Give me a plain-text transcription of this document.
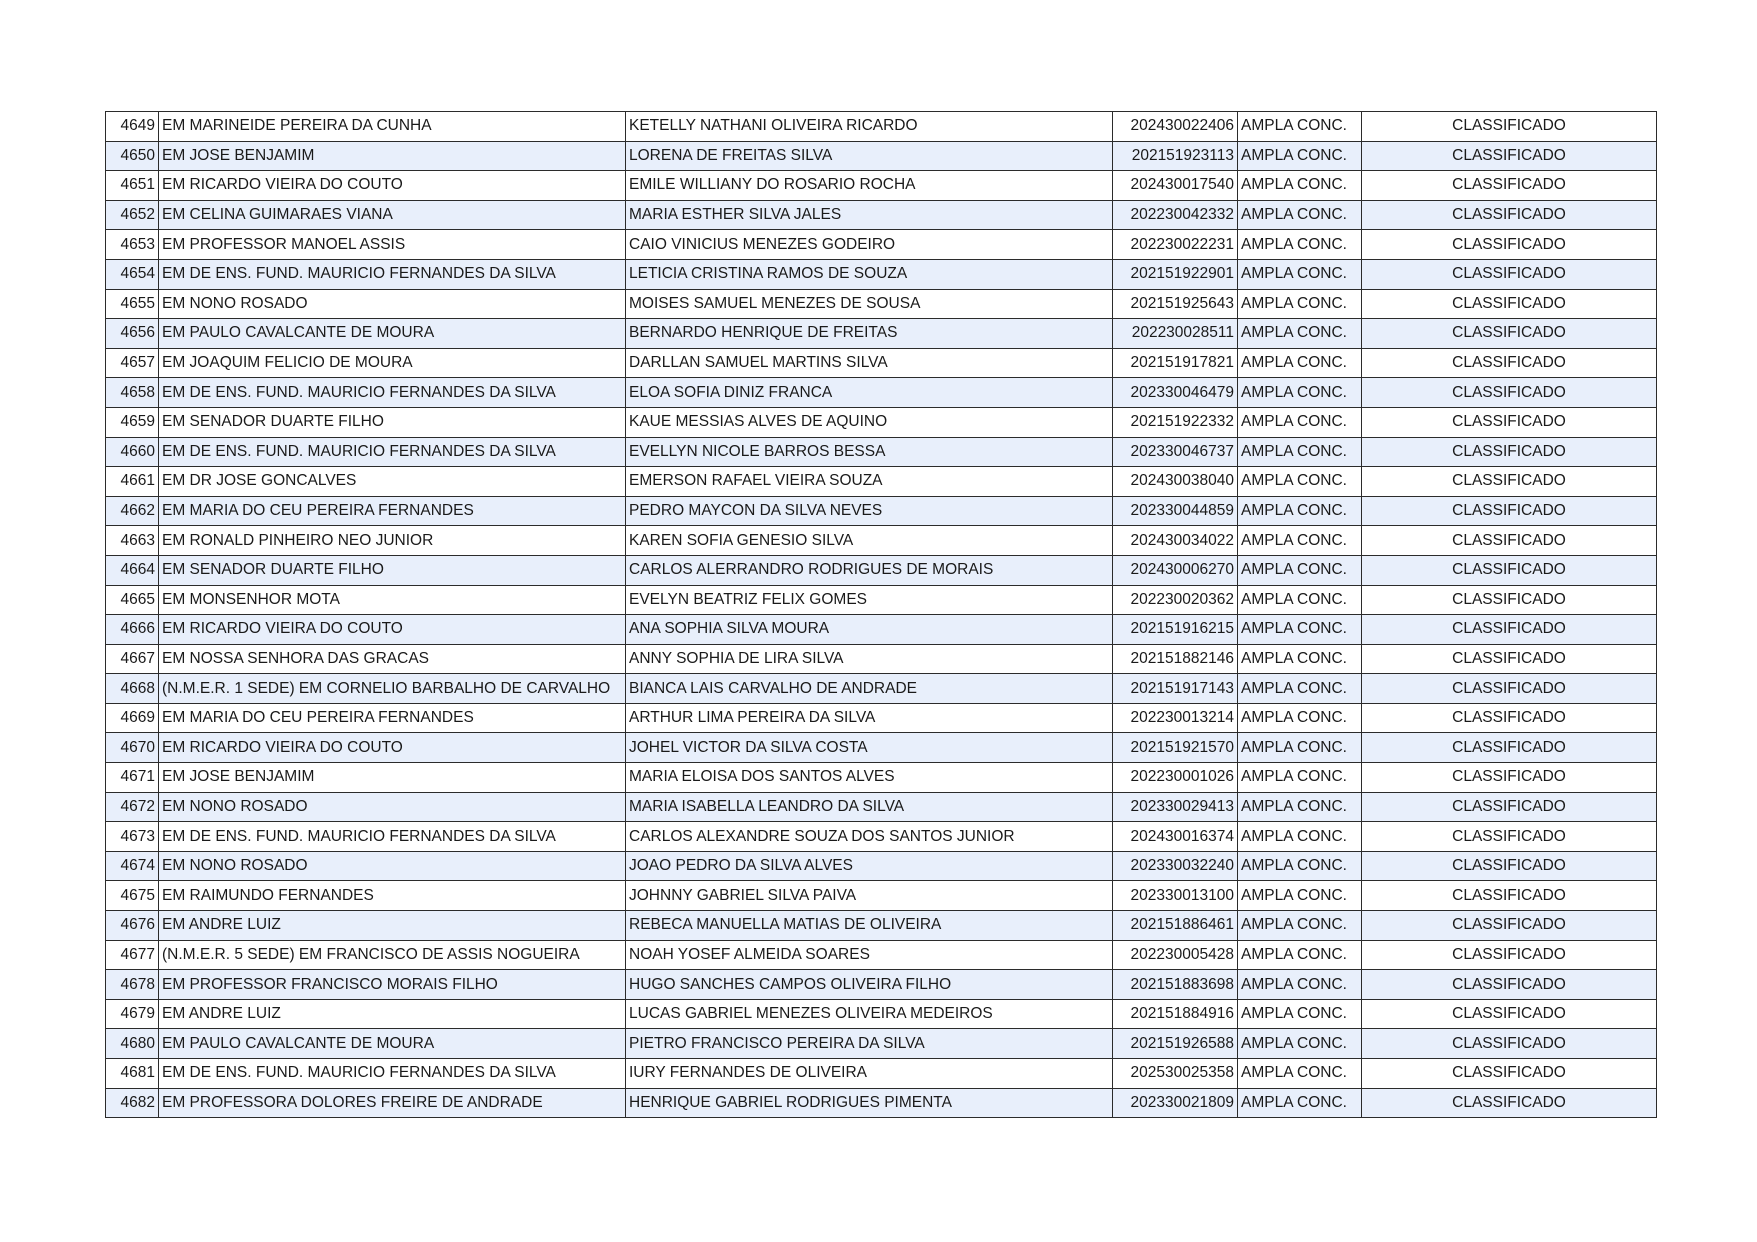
4649	EM MARINEIDE PEREIRA DA CUNHA	KETELLY NATHANI OLIVEIRA RICARDO	202430022406	AMPLA CONC.	CLASSIFICADO
4650	EM JOSE BENJAMIM	LORENA DE FREITAS SILVA	202151923113	AMPLA CONC.	CLASSIFICADO
4651	EM RICARDO VIEIRA DO COUTO	EMILE WILLIANY DO ROSARIO ROCHA	202430017540	AMPLA CONC.	CLASSIFICADO
4652	EM CELINA GUIMARAES VIANA	MARIA ESTHER SILVA JALES	202230042332	AMPLA CONC.	CLASSIFICADO
4653	EM PROFESSOR MANOEL ASSIS	CAIO VINICIUS MENEZES GODEIRO	202230022231	AMPLA CONC.	CLASSIFICADO
4654	EM DE ENS. FUND. MAURICIO FERNANDES DA SILVA	LETICIA CRISTINA RAMOS DE SOUZA	202151922901	AMPLA CONC.	CLASSIFICADO
4655	EM NONO ROSADO	MOISES SAMUEL MENEZES DE SOUSA	202151925643	AMPLA CONC.	CLASSIFICADO
4656	EM PAULO CAVALCANTE DE MOURA	BERNARDO HENRIQUE DE FREITAS	202230028511	AMPLA CONC.	CLASSIFICADO
4657	EM JOAQUIM FELICIO DE MOURA	DARLLAN SAMUEL MARTINS SILVA	202151917821	AMPLA CONC.	CLASSIFICADO
4658	EM DE ENS. FUND. MAURICIO FERNANDES DA SILVA	ELOA SOFIA DINIZ FRANCA	202330046479	AMPLA CONC.	CLASSIFICADO
4659	EM SENADOR DUARTE FILHO	KAUE MESSIAS ALVES DE AQUINO	202151922332	AMPLA CONC.	CLASSIFICADO
4660	EM DE ENS. FUND. MAURICIO FERNANDES DA SILVA	EVELLYN NICOLE BARROS BESSA	202330046737	AMPLA CONC.	CLASSIFICADO
4661	EM DR JOSE GONCALVES	EMERSON RAFAEL VIEIRA SOUZA	202430038040	AMPLA CONC.	CLASSIFICADO
4662	EM MARIA DO CEU PEREIRA FERNANDES	PEDRO MAYCON DA SILVA NEVES	202330044859	AMPLA CONC.	CLASSIFICADO
4663	EM RONALD PINHEIRO NEO JUNIOR	KAREN SOFIA GENESIO SILVA	202430034022	AMPLA CONC.	CLASSIFICADO
4664	EM SENADOR DUARTE FILHO	CARLOS ALERRANDRO RODRIGUES DE MORAIS	202430006270	AMPLA CONC.	CLASSIFICADO
4665	EM MONSENHOR MOTA	EVELYN BEATRIZ FELIX GOMES	202230020362	AMPLA CONC.	CLASSIFICADO
4666	EM RICARDO VIEIRA DO COUTO	ANA SOPHIA SILVA MOURA	202151916215	AMPLA CONC.	CLASSIFICADO
4667	EM NOSSA SENHORA DAS GRACAS	ANNY SOPHIA DE LIRA SILVA	202151882146	AMPLA CONC.	CLASSIFICADO
4668	(N.M.E.R. 1 SEDE) EM CORNELIO BARBALHO DE CARVALHO	BIANCA LAIS CARVALHO DE ANDRADE	202151917143	AMPLA CONC.	CLASSIFICADO
4669	EM MARIA DO CEU PEREIRA FERNANDES	ARTHUR LIMA PEREIRA DA SILVA	202230013214	AMPLA CONC.	CLASSIFICADO
4670	EM RICARDO VIEIRA DO COUTO	JOHEL VICTOR DA SILVA COSTA	202151921570	AMPLA CONC.	CLASSIFICADO
4671	EM JOSE BENJAMIM	MARIA ELOISA DOS SANTOS ALVES	202230001026	AMPLA CONC.	CLASSIFICADO
4672	EM NONO ROSADO	MARIA ISABELLA LEANDRO DA SILVA	202330029413	AMPLA CONC.	CLASSIFICADO
4673	EM DE ENS. FUND. MAURICIO FERNANDES DA SILVA	CARLOS ALEXANDRE SOUZA DOS SANTOS JUNIOR	202430016374	AMPLA CONC.	CLASSIFICADO
4674	EM NONO ROSADO	JOAO PEDRO DA SILVA ALVES	202330032240	AMPLA CONC.	CLASSIFICADO
4675	EM RAIMUNDO FERNANDES	JOHNNY GABRIEL SILVA PAIVA	202330013100	AMPLA CONC.	CLASSIFICADO
4676	EM ANDRE LUIZ	REBECA MANUELLA MATIAS DE OLIVEIRA	202151886461	AMPLA CONC.	CLASSIFICADO
4677	(N.M.E.R. 5 SEDE) EM FRANCISCO DE ASSIS NOGUEIRA	NOAH YOSEF ALMEIDA SOARES	202230005428	AMPLA CONC.	CLASSIFICADO
4678	EM PROFESSOR FRANCISCO MORAIS FILHO	HUGO SANCHES CAMPOS OLIVEIRA FILHO	202151883698	AMPLA CONC.	CLASSIFICADO
4679	EM ANDRE LUIZ	LUCAS GABRIEL MENEZES OLIVEIRA MEDEIROS	202151884916	AMPLA CONC.	CLASSIFICADO
4680	EM PAULO CAVALCANTE DE MOURA	PIETRO FRANCISCO PEREIRA DA SILVA	202151926588	AMPLA CONC.	CLASSIFICADO
4681	EM DE ENS. FUND. MAURICIO FERNANDES DA SILVA	IURY FERNANDES DE OLIVEIRA	202530025358	AMPLA CONC.	CLASSIFICADO
4682	EM PROFESSORA DOLORES FREIRE DE ANDRADE	HENRIQUE GABRIEL RODRIGUES PIMENTA	202330021809	AMPLA CONC.	CLASSIFICADO
